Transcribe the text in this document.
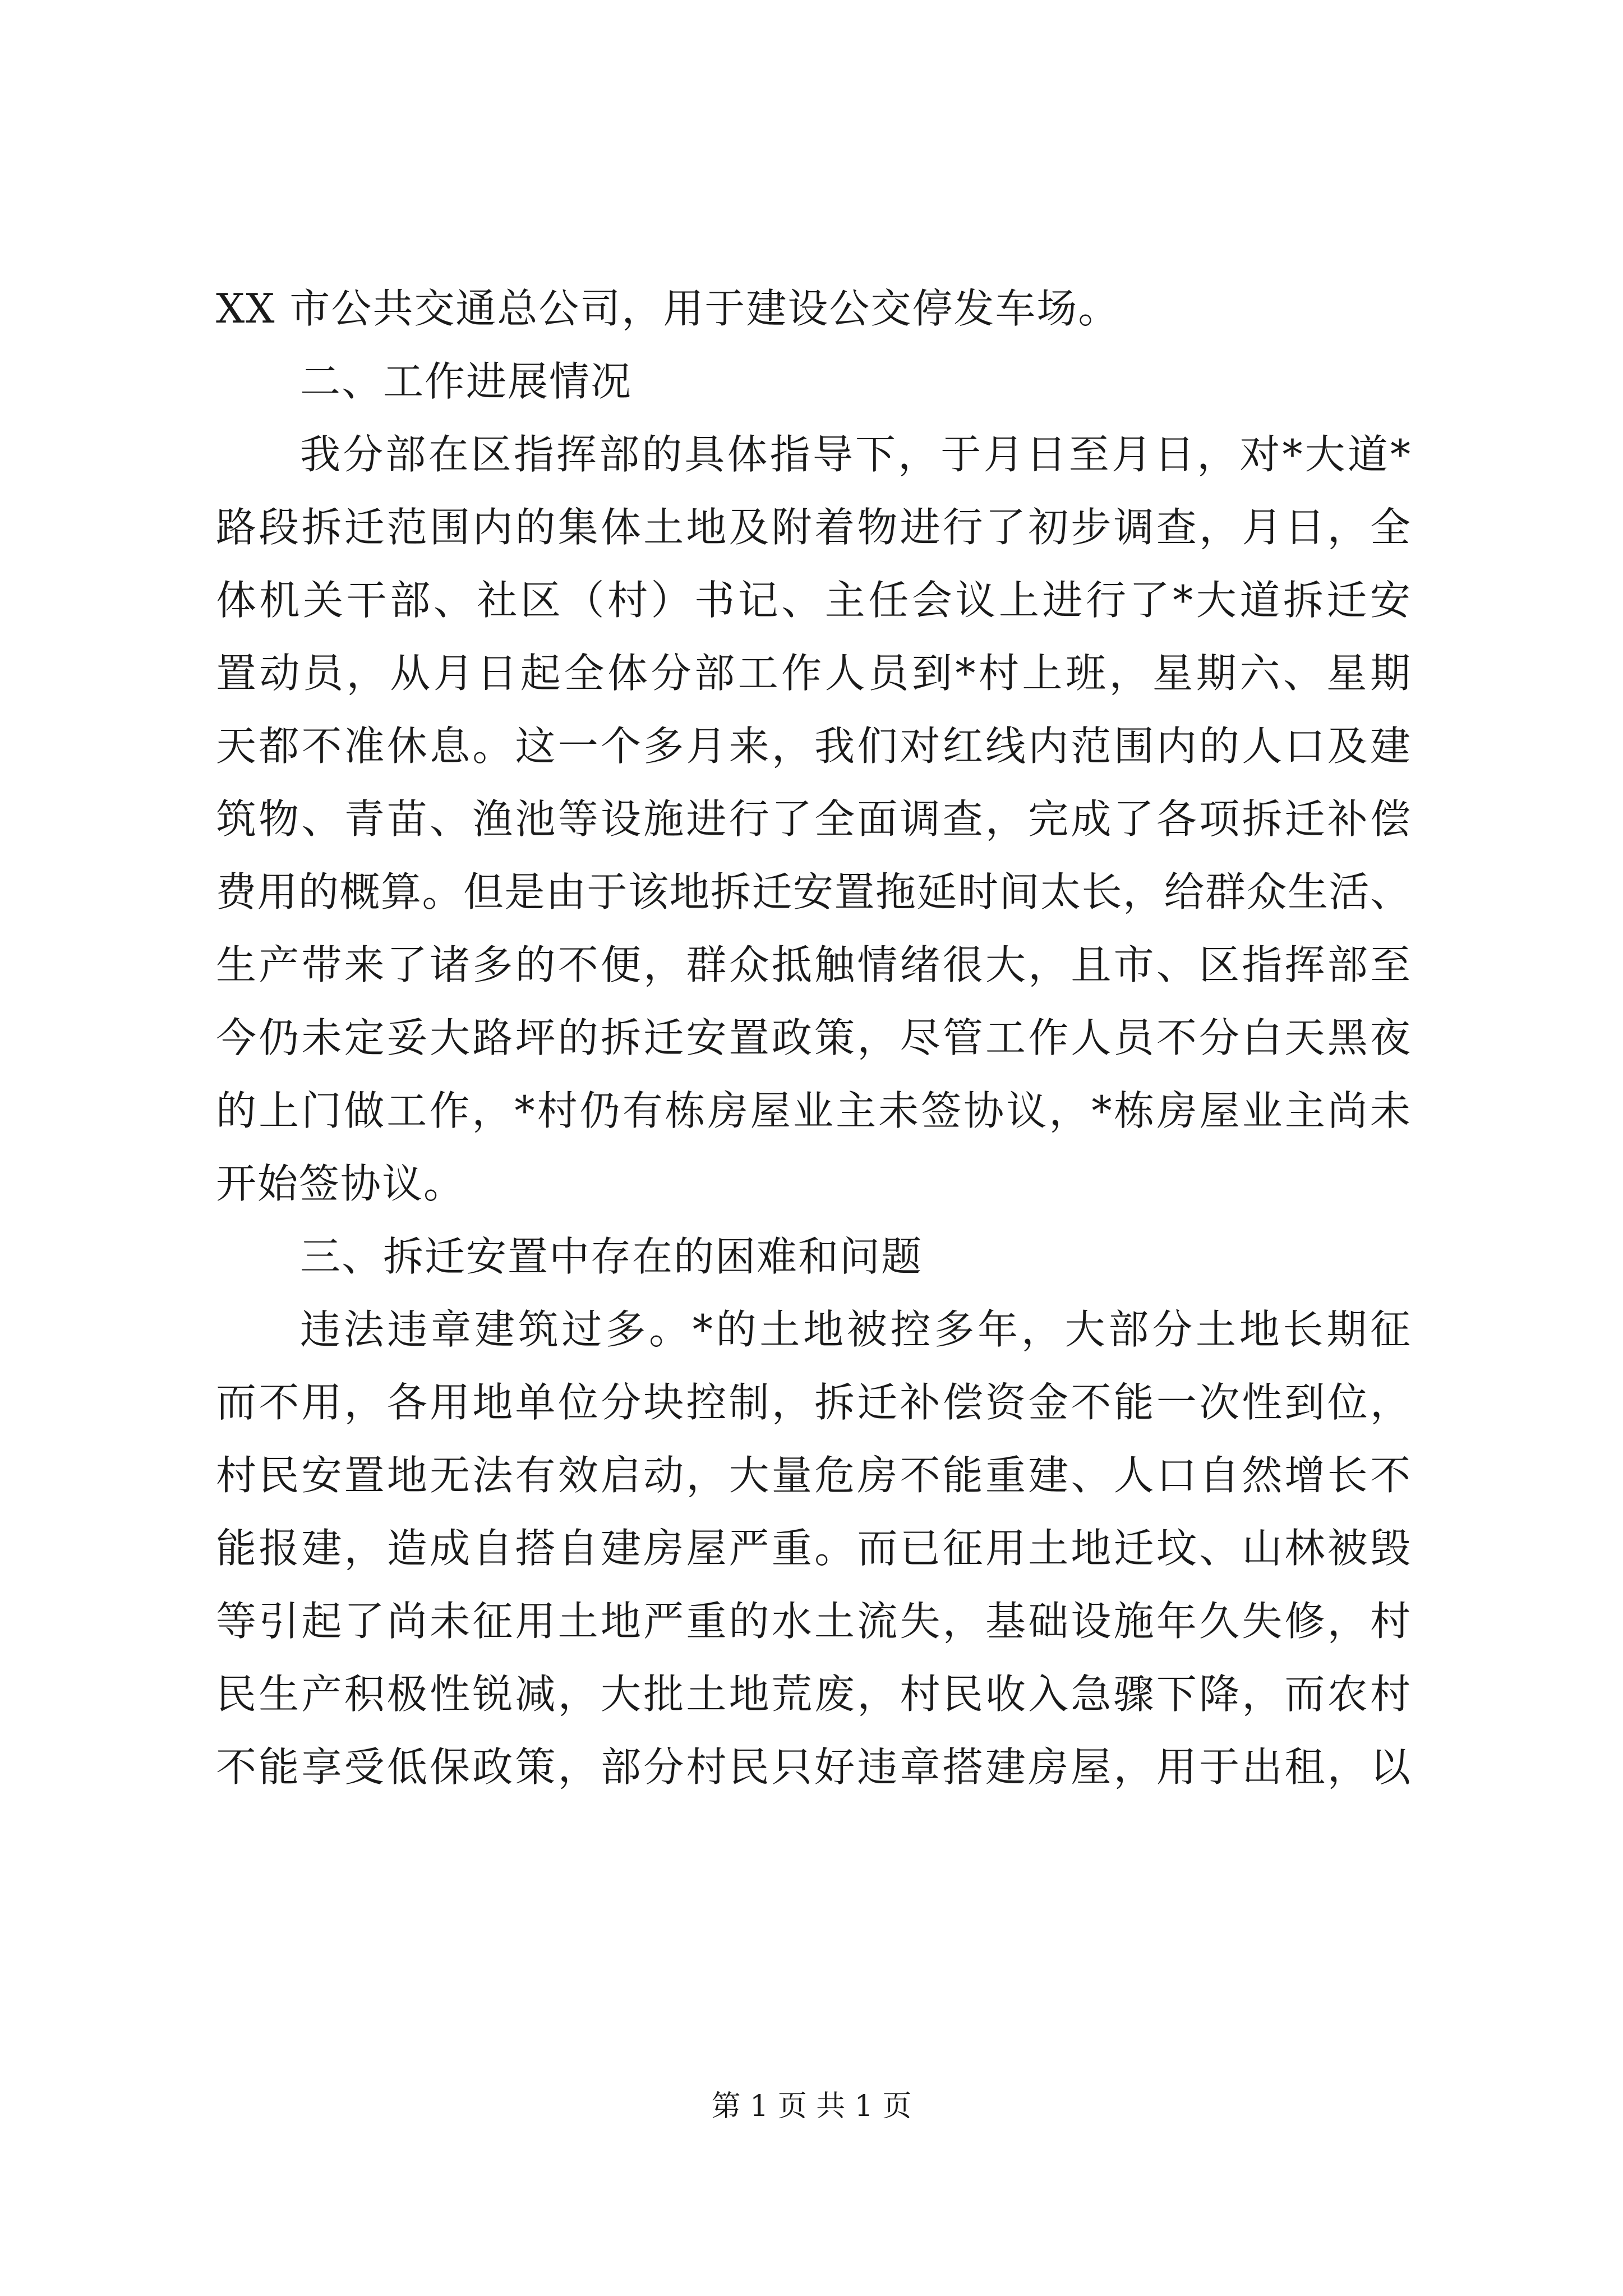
XX 市公共交通总公司，用于建设公交停发车场。

二、工作进展情况

我分部在区指挥部的具体指导下，于月日至月日，对*大道*

路段拆迁范围内的集体土地及附着物进行了初步调查，月日，全

体机关干部、社区（村）书记、主任会议上进行了*大道拆迁安

置动员，从月日起全体分部工作人员到*村上班，星期六、星期

天都不准休息。这一个多月来，我们对红线内范围内的人口及建

筑物、青苗、渔池等设施进行了全面调查，完成了各项拆迁补偿

费用的概算。但是由于该地拆迁安置拖延时间太长，给群众生活、

生产带来了诸多的不便，群众抵触情绪很大，且市、区指挥部至

今仍未定妥大路坪的拆迁安置政策，尽管工作人员不分白天黑夜

的上门做工作，*村仍有栋房屋业主未签协议，*栋房屋业主尚未

开始签协议。

三、拆迁安置中存在的困难和问题

违法违章建筑过多。*的土地被控多年，大部分土地长期征

而不用，各用地单位分块控制，拆迁补偿资金不能一次性到位，

村民安置地无法有效启动，大量危房不能重建、人口自然增长不

能报建，造成自搭自建房屋严重。而已征用土地迁坟、山林被毁

等引起了尚未征用土地严重的水土流失，基础设施年久失修，村

民生产积极性锐减，大批土地荒废，村民收入急骤下降，而农村

不能享受低保政策，部分村民只好违章搭建房屋，用于出租，以

第 1 页 共 1 页
